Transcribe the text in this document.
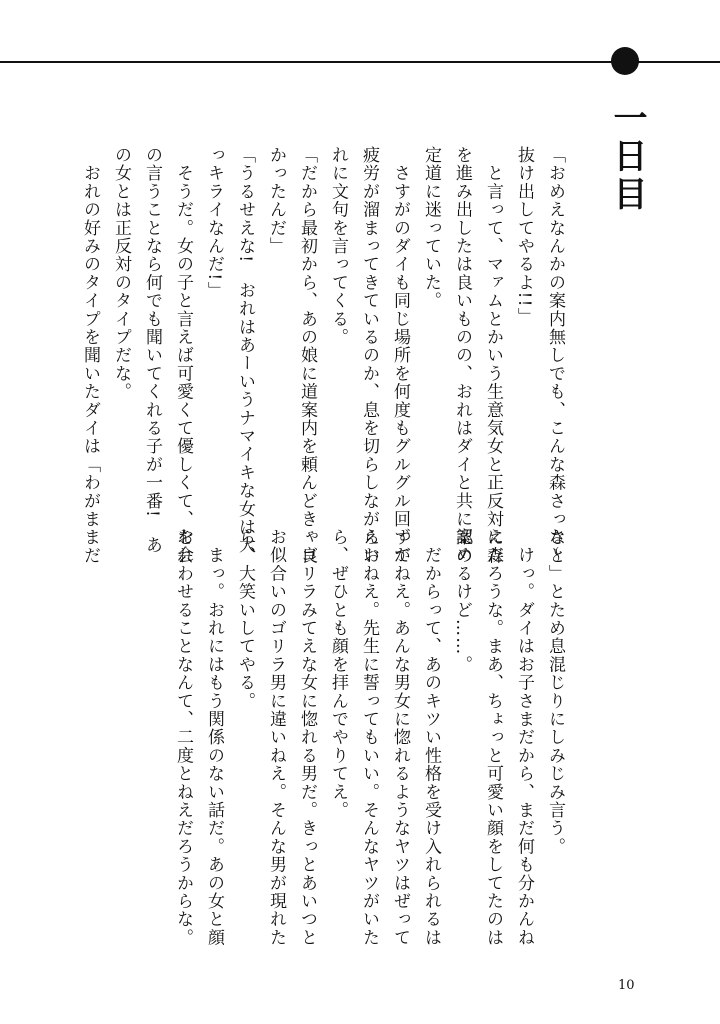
一日目
「おめえなんかの案内無しでも、こんな森さっさと
抜け出してやるよ!!」
　と言って、マァムとかいう生意気女と正反対に森
を進み出したは良いものの、おれはダイと共に案の
定道に迷っていた。
　さすがのダイも同じ場所を何度もグルグル回って
疲労が溜まってきているのか、息を切らしながらお
れに文句を言ってくる。
「だから最初から、あの娘に道案内を頼んどきゃ良
かったんだ」
「うるせえな!　おれはあーいうナマイキな女は大
っキライなんだ!」
　そうだ。女の子と言えば可愛くて優しくて、おれ
の言うことなら何でも聞いてくれる子が一番!　あ
の女とは正反対のタイプだな。
　おれの好みのタイプを聞いたダイは「わがままだ
な〜」とため息混じりにしみじみ言う。
　けっ。ダイはお子さまだから、まだ何も分かんね
えだろうな。まあ、ちょっと可愛い顔をしてたのは
認めるけど……。
　だからって、あのキツい性格を受け入れられるは
ずがねえ。あんな男女に惚れるようなヤツはぜって
えいねえ。先生に誓ってもいい。そんなヤツがいた
ら、ぜひとも顔を拝んでやりてえ。
　ゴリラみてえな女に惚れる男だ。きっとあいつと
お似合いのゴリラ男に違いねえ。そんな男が現れた
ら、大笑いしてやる。
　まっ。おれにはもう関係のない話だ。あの女と顔
を会わせることなんて、二度とねえだろうからな。
10
